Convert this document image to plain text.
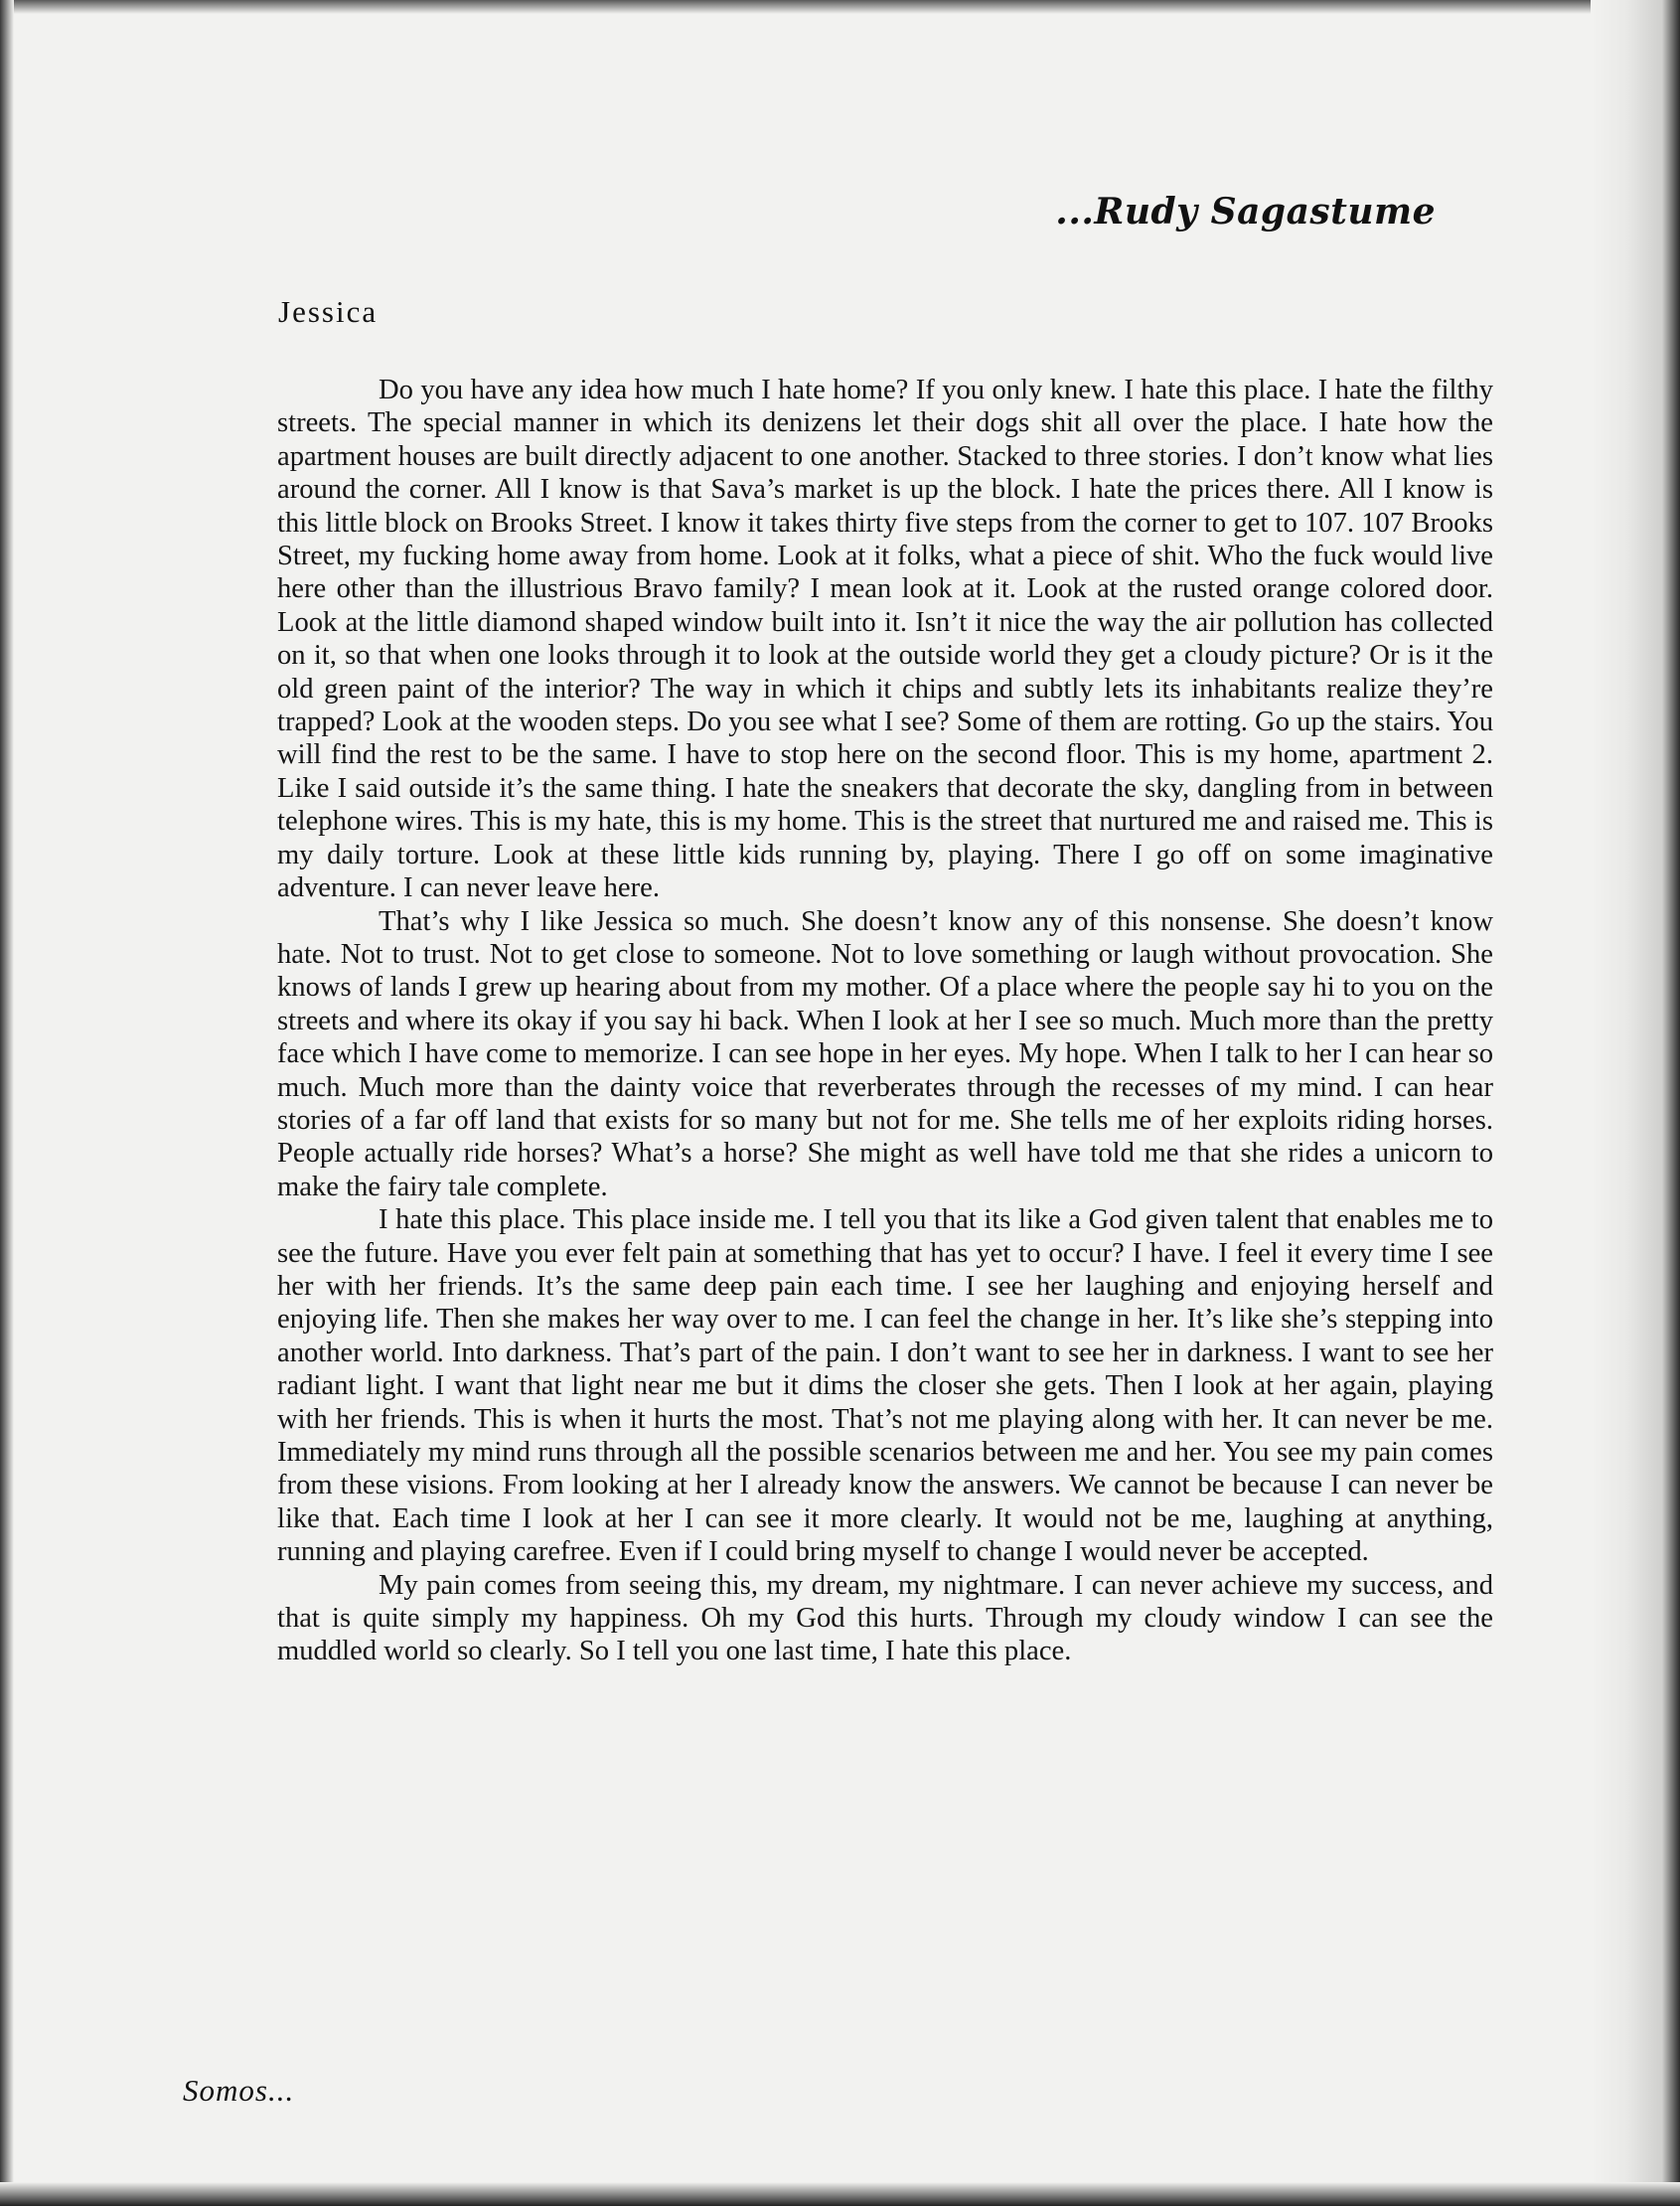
...Rudy Sagastume
Jessica

Do you have any idea how much I hate home? If you only knew. I hate this place. I hate the filthy streets. The special manner in which its denizens let their dogs shit all over the place. I hate how the apartment houses are built directly adjacent to one another. Stacked to three stories. I don’t know what lies around the corner. All I know is that Sava’s market is up the block. I hate the prices there. All I know is this little block on Brooks Street. I know it takes thirty five steps from the corner to get to 107. 107 Brooks Street, my fucking home away from home. Look at it folks, what a piece of shit. Who the fuck would live here other than the illustrious Bravo family? I mean look at it. Look at the rusted orange colored door. Look at the little diamond shaped window built into it. Isn’t it nice the way the air pollution has collected on it, so that when one looks through it to look at the outside world they get a cloudy picture? Or is it the old green paint of the interior? The way in which it chips and subtly lets its inhabitants realize they’re trapped? Look at the wooden steps. Do you see what I see? Some of them are rotting. Go up the stairs. You will find the rest to be the same. I have to stop here on the second floor. This is my home, apartment 2. Like I said outside it’s the same thing. I hate the sneakers that decorate the sky, dangling from in between telephone wires. This is my hate, this is my home. This is the street that nurtured me and raised me. This is my daily torture. Look at these little kids running by, playing. There I go off on some imaginative adventure. I can never leave here.

That’s why I like Jessica so much. She doesn’t know any of this nonsense. She doesn’t know hate. Not to trust. Not to get close to someone. Not to love something or laugh without provocation. She knows of lands I grew up hearing about from my mother. Of a place where the people say hi to you on the streets and where its okay if you say hi back. When I look at her I see so much. Much more than the pretty face which I have come to memorize. I can see hope in her eyes. My hope. When I talk to her I can hear so much. Much more than the dainty voice that reverberates through the recesses of my mind. I can hear stories of a far off land that exists for so many but not for me. She tells me of her exploits riding horses. People actually ride horses? What’s a horse? She might as well have told me that she rides a unicorn to make the fairy tale complete.

I hate this place. This place inside me. I tell you that its like a God given talent that enables me to see the future. Have you ever felt pain at something that has yet to occur? I have. I feel it every time I see her with her friends. It’s the same deep pain each time. I see her laughing and enjoying herself and enjoying life. Then she makes her way over to me. I can feel the change in her. It’s like she’s stepping into another world. Into darkness. That’s part of the pain. I don’t want to see her in darkness. I want to see her radiant light. I want that light near me but it dims the closer she gets. Then I look at her again, playing with her friends. This is when it hurts the most. That’s not me playing along with her. It can never be me. Immediately my mind runs through all the possible scenarios between me and her. You see my pain comes from these visions. From looking at her I already know the answers. We cannot be because I can never be like that. Each time I look at her I can see it more clearly. It would not be me, laughing at anything, running and playing carefree. Even if I could bring myself to change I would never be accepted.

My pain comes from seeing this, my dream, my nightmare. I can never achieve my success, and that is quite simply my happiness. Oh my God this hurts. Through my cloudy window I can see the muddled world so clearly. So I tell you one last time, I hate this place.

Somos...
